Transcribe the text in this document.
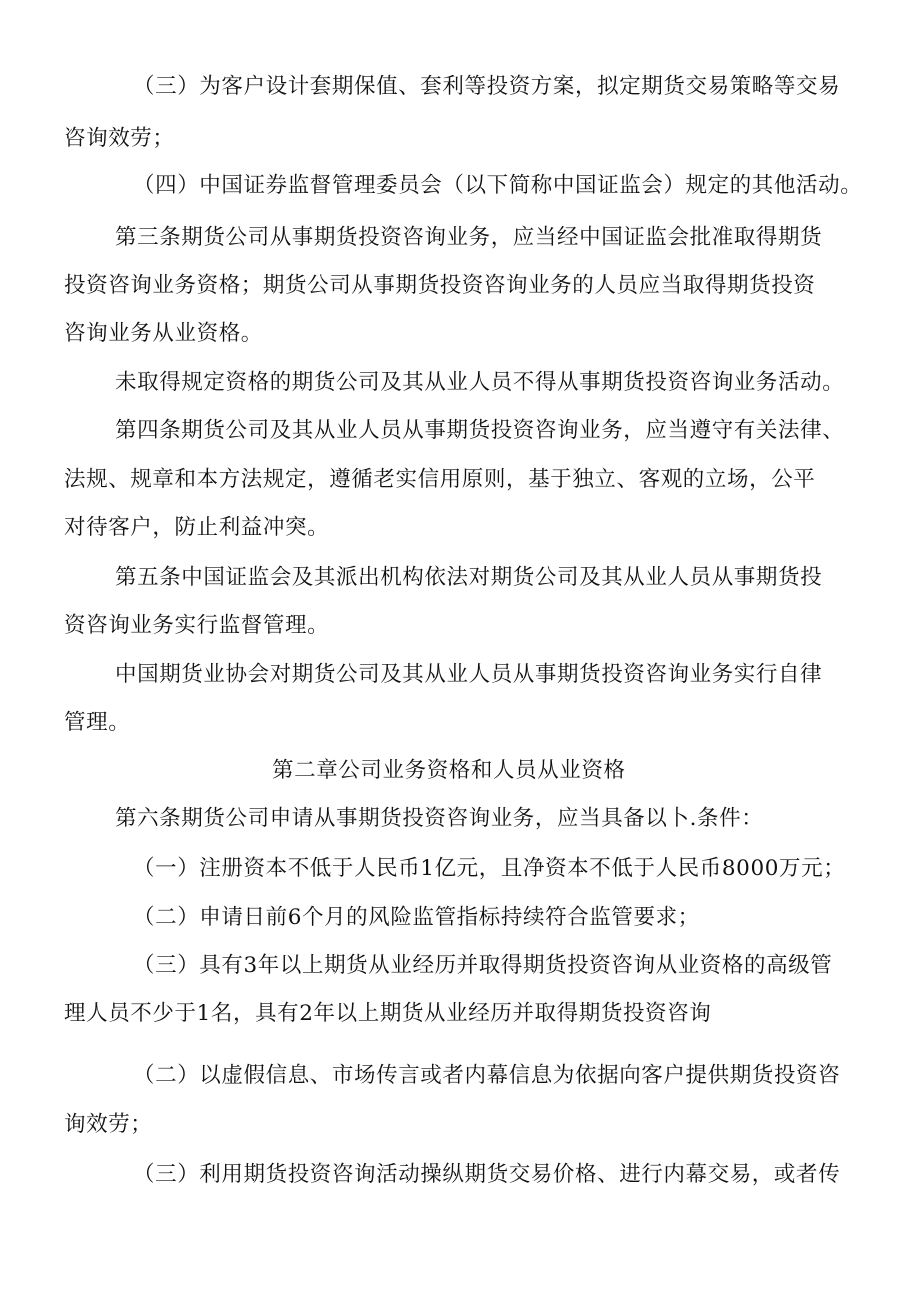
（三）为客户设计套期保值、套利等投资方案，拟定期货交易策略等交易
咨询效劳；
（四）中国证券监督管理委员会（以下简称中国证监会）规定的其他活动。
第三条期货公司从事期货投资咨询业务，应当经中国证监会批准取得期货
投资咨询业务资格；期货公司从事期货投资咨询业务的人员应当取得期货投资
咨询业务从业资格。
未取得规定资格的期货公司及其从业人员不得从事期货投资咨询业务活动。
第四条期货公司及其从业人员从事期货投资咨询业务，应当遵守有关法律、
法规、规章和本方法规定，遵循老实信用原则，基于独立、客观的立场，公平
对待客户，防止利益冲突。
第五条中国证监会及其派出机构依法对期货公司及其从业人员从事期货投
资咨询业务实行监督管理。
中国期货业协会对期货公司及其从业人员从事期货投资咨询业务实行自律
管理。
第二章公司业务资格和人员从业资格
第六条期货公司申请从事期货投资咨询业务，应当具备以卜.条件：
（一）注册资本不低于人民币1亿元，且净资本不低于人民币8000万元；
（二）申请日前6个月的风险监管指标持续符合监管要求；
（三）具有3年以上期货从业经历并取得期货投资咨询从业资格的高级管
理人员不少于1名，具有2年以上期货从业经历并取得期货投资咨询
（二）以虚假信息、市场传言或者内幕信息为依据向客户提供期货投资咨
询效劳；
（三）利用期货投资咨询活动操纵期货交易价格、进行内幕交易，或者传
